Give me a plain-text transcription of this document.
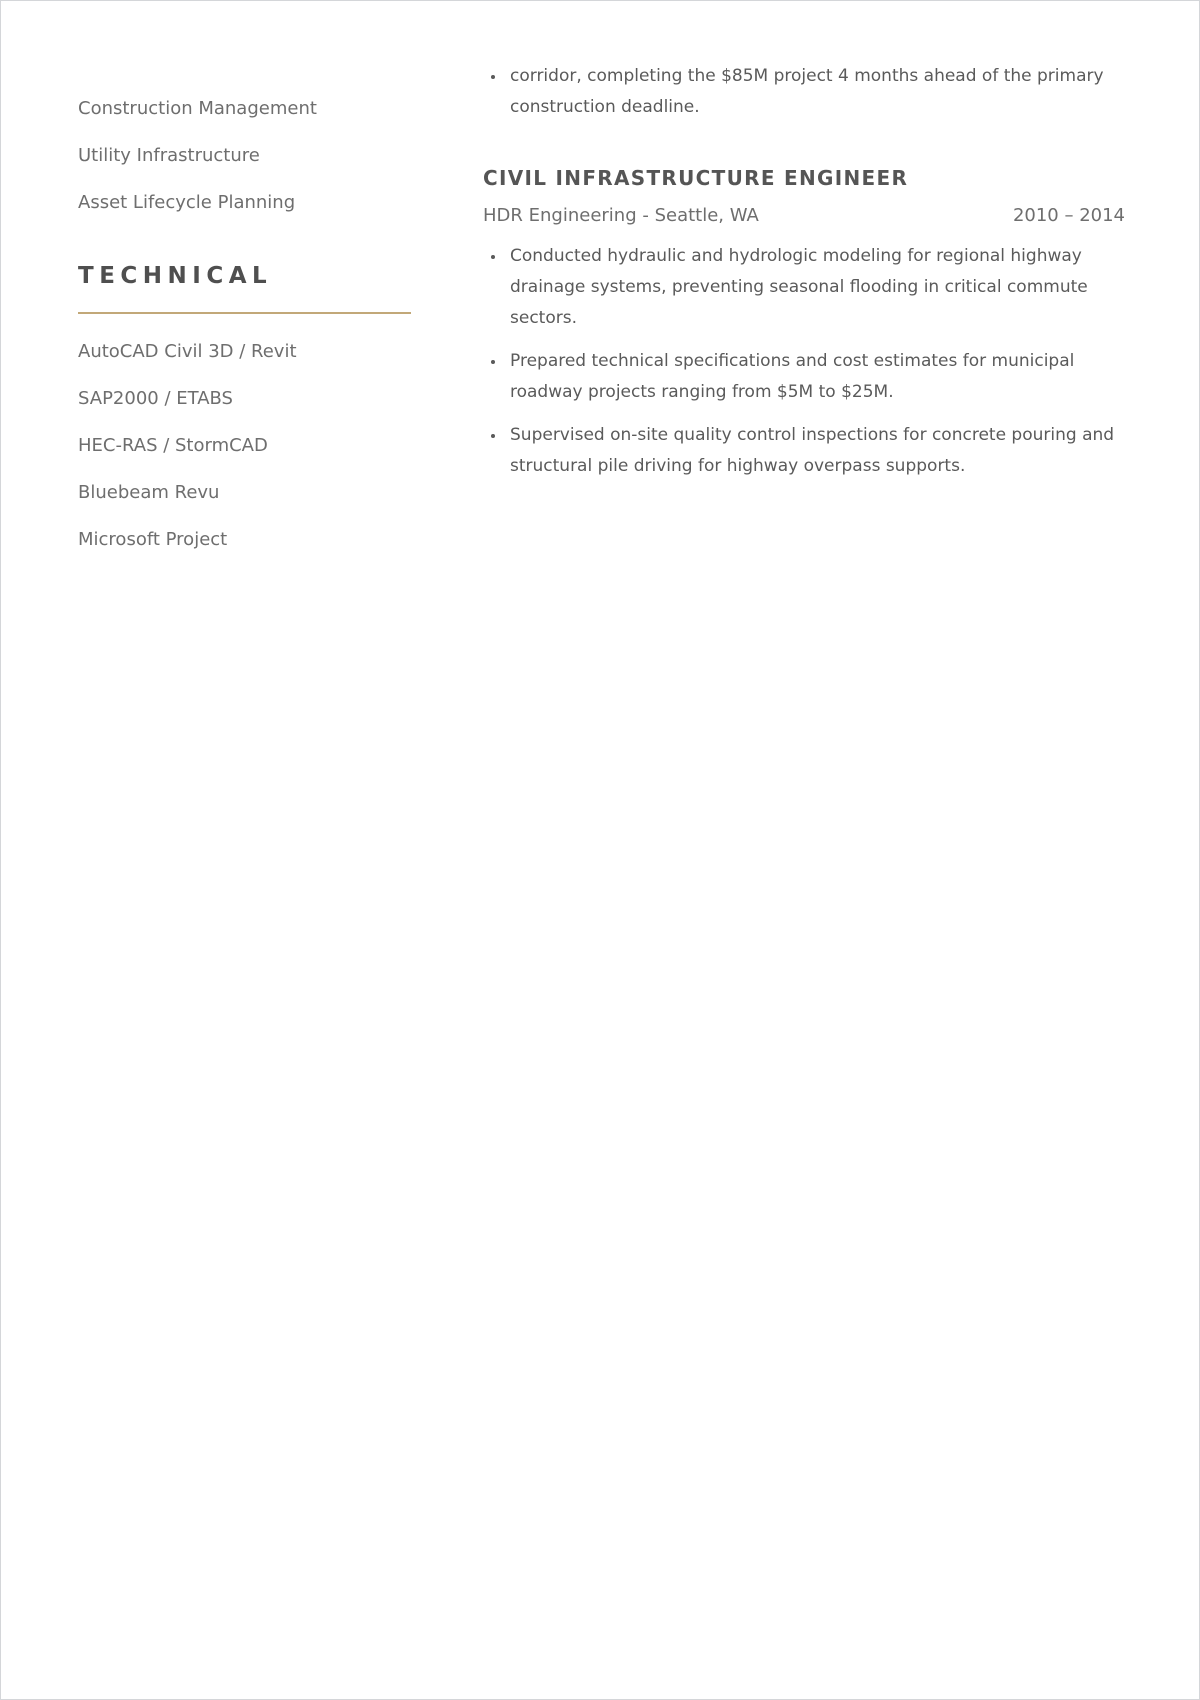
Construction Management
Utility Infrastructure
Asset Lifecycle Planning
TECHNICAL
AutoCAD Civil 3D / Revit
SAP2000 / ETABS
HEC-RAS / StormCAD
Bluebeam Revu
Microsoft Project
corridor, completing the $85M project 4 months ahead of the primary construction deadline.
CIVIL INFRASTRUCTURE ENGINEER
HDR Engineering - Seattle, WA	2010 – 2014
Conducted hydraulic and hydrologic modeling for regional highway drainage systems, preventing seasonal flooding in critical commute sectors.
Prepared technical specifications and cost estimates for municipal roadway projects ranging from $5M to $25M.
Supervised on-site quality control inspections for concrete pouring and structural pile driving for highway overpass supports.
